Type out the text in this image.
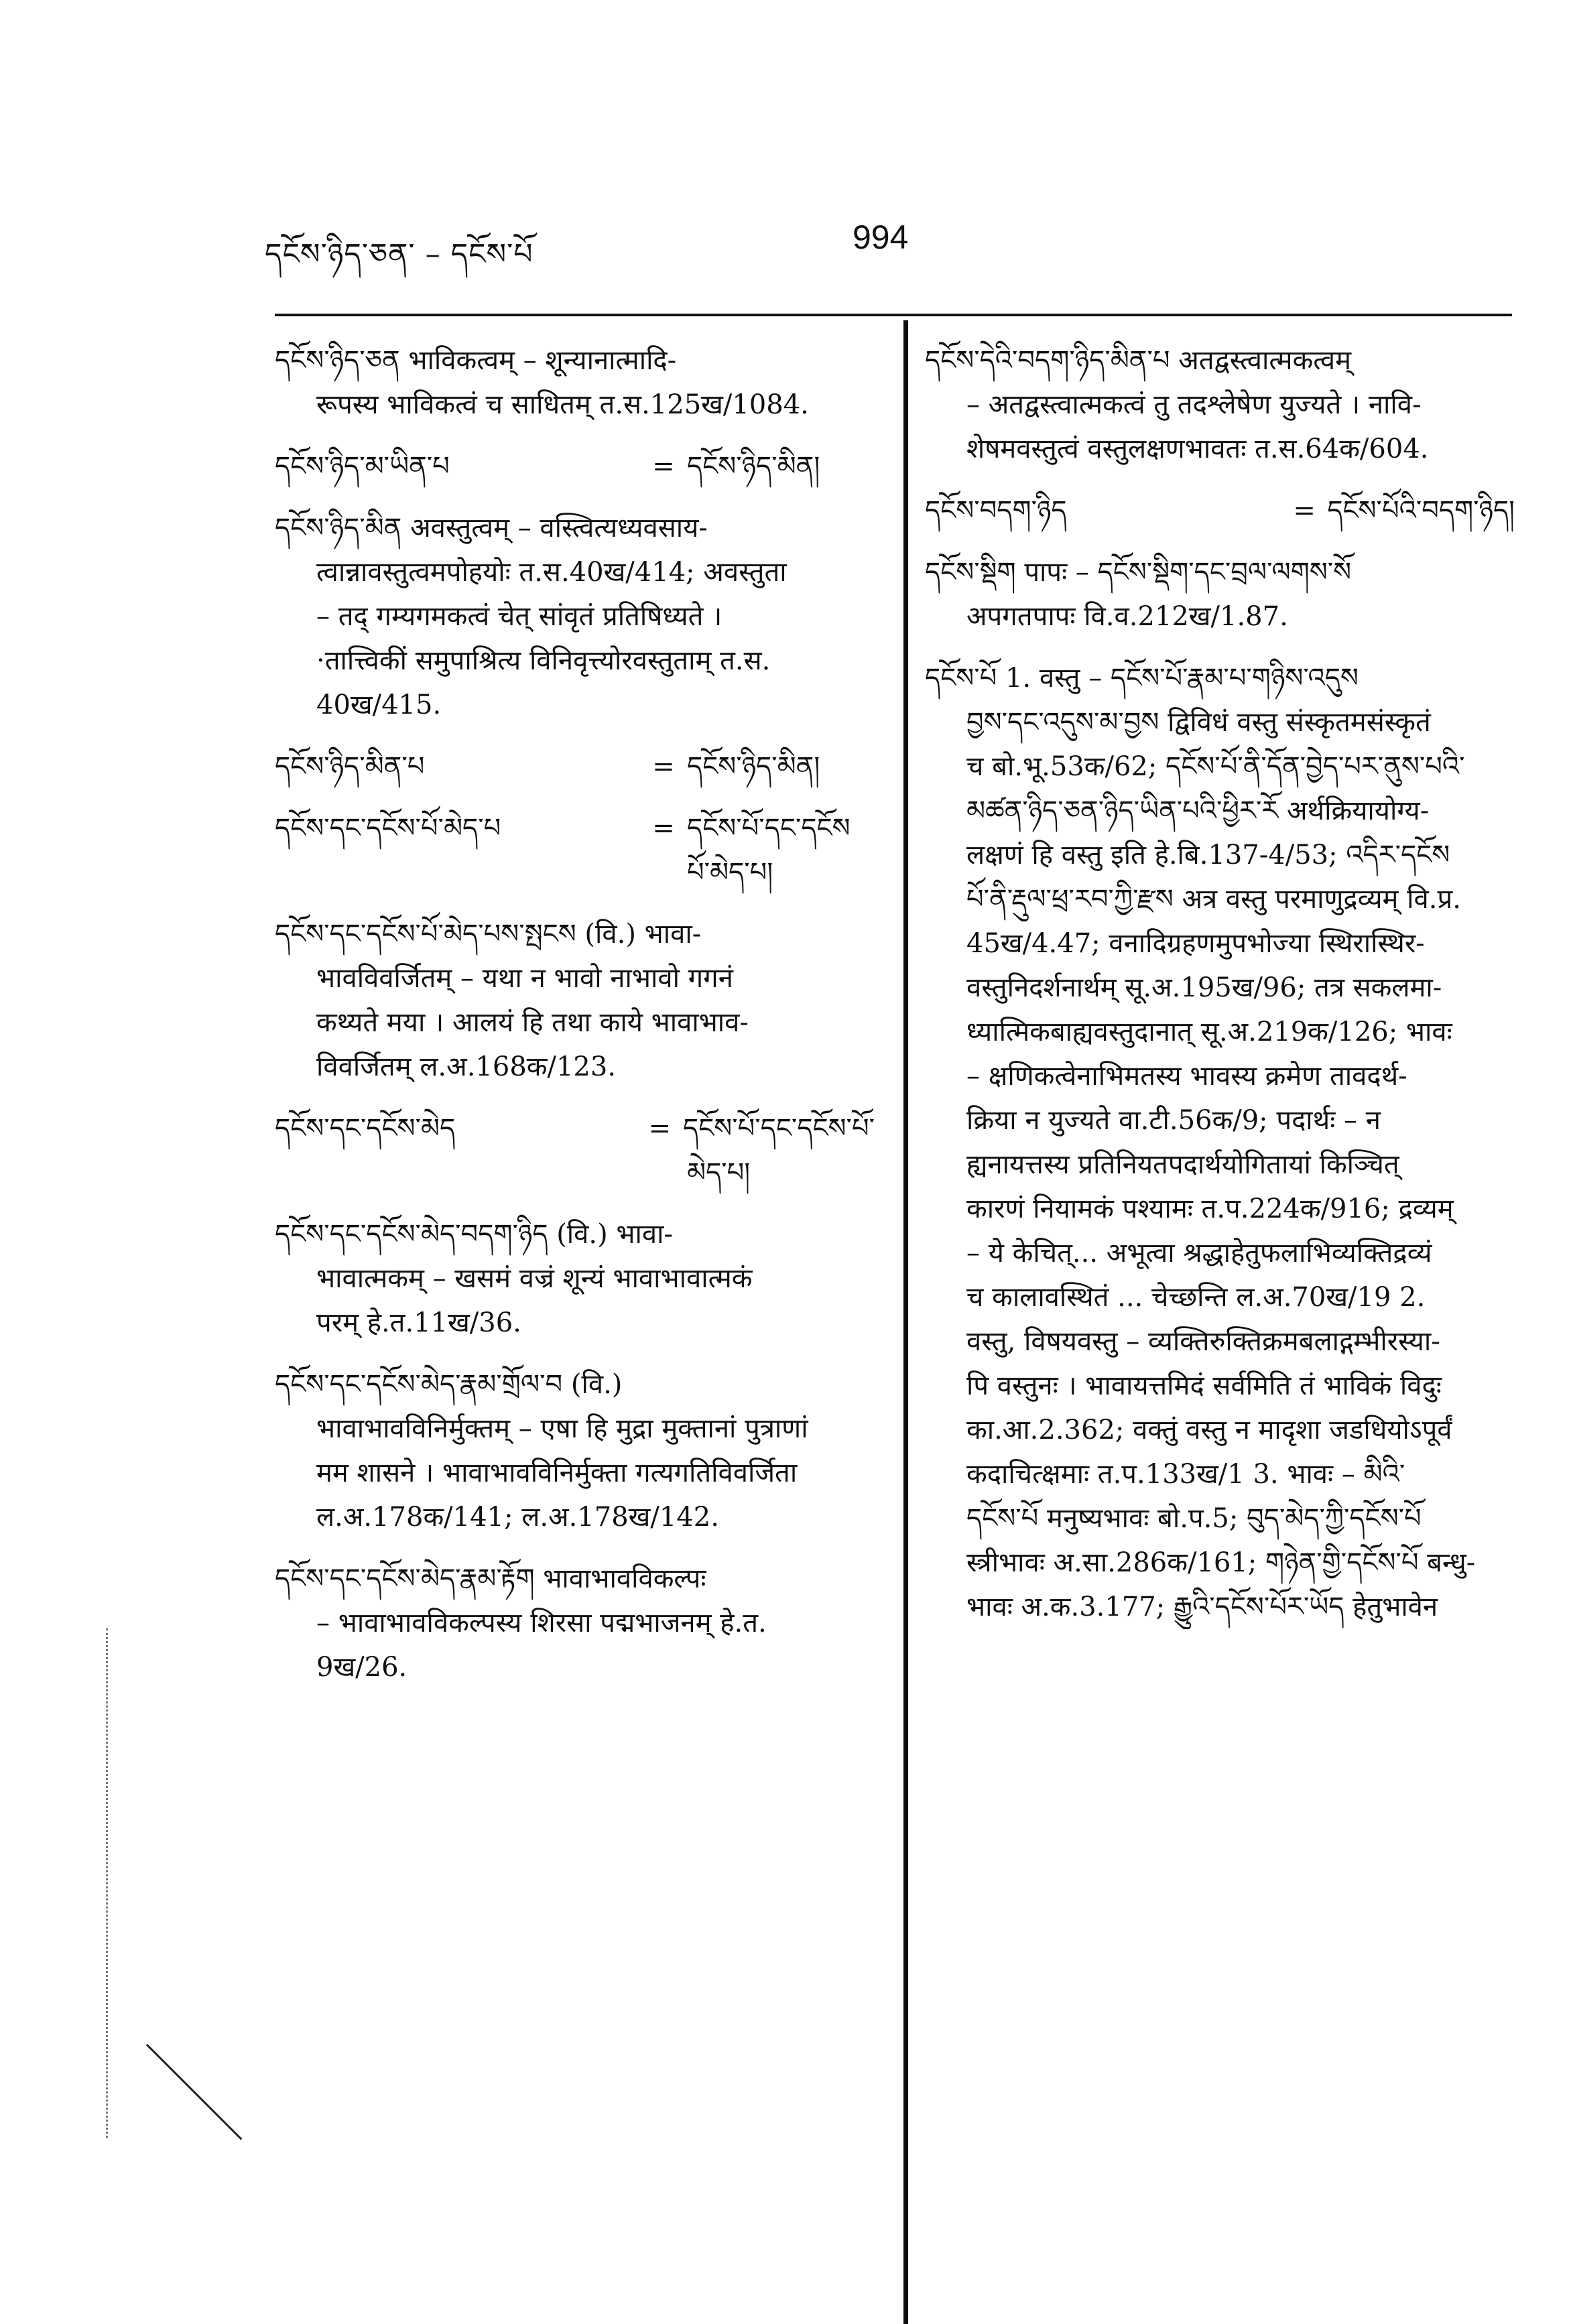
དངོས་ཉིད་ཅན་ – དངོས་པོ	994
དངོས་ཉིད་ཅན भाविकत्वम् – शून्यानात्मादि-
रूपस्य भाविकत्वं च साधितम् त.स.125ख/1084.
དངོས་ཉིད་མ་ཡིན་པ	= དངོས་ཉིད་མིན།
དངོས་ཉིད་མིན अवस्तुत्वम् – वस्त्वित्यध्यवसाय-
त्वान्नावस्तुत्वमपोहयोः त.स.40ख/414; अवस्तुता
– तद् गम्यगमकत्वं चेत् सांवृतं प्रतिषिध्यते ।
·तात्त्विकीं समुपाश्रित्य विनिवृत्त्योरवस्तुताम् त.स.
40ख/415.
དངོས་ཉིད་མིན་པ	= དངོས་ཉིད་མིན།
དངོས་དང་དངོས་པོ་མེད་པ	= དངོས་པོ་དང་དངོས
པོ་མེད་པ།
དངོས་དང་དངོས་པོ་མེད་པས་སྤངས (वि.) भावा-
भावविवर्जितम् – यथा न भावो नाभावो गगनं
कथ्यते मया । आलयं हि तथा काये भावाभाव-
विवर्जितम् ल.अ.168क/123.
དངོས་དང་དངོས་མེད	= དངོས་པོ་དང་དངོས་པོ་
མེད་པ།
དངོས་དང་དངོས་མེད་བདག་ཉིད (वि.) भावा-
भावात्मकम् – खसमं वज्रं शून्यं भावाभावात्मकं
परम् हे.त.11ख/36.
དངོས་དང་དངོས་མེད་རྣམ་གྲོལ་བ (वि.)
भावाभावविनिर्मुक्तम् – एषा हि मुद्रा मुक्तानां पुत्राणां
मम शासने । भावाभावविनिर्मुक्ता गत्यगतिविवर्जिता
ल.अ.178क/141; ल.अ.178ख/142.
དངོས་དང་དངོས་མེད་རྣམ་རྟོག भावाभावविकल्पः
– भावाभावविकल्पस्य शिरसा पद्मभाजनम् हे.त.
9ख/26.
དངོས་དེའི་བདག་ཉིད་མིན་པ अतद्वस्त्वात्मकत्वम्
– अतद्वस्त्वात्मकत्वं तु तदश्लेषेण युज्यते । नावि-
शेषमवस्तुत्वं वस्तुलक्षणभावतः त.स.64क/604.
དངོས་བདག་ཉིད	= དངོས་པོའི་བདག་ཉིད།
དངོས་སྡིག पापः – དངོས་སྡིག་དང་བྲལ་ལགས་སོ
अपगतपापः वि.व.212ख/1.87.
དངོས་པོ 1. वस्तु – དངོས་པོ་རྣམ་པ་གཉིས་འདུས
བྱས་དང་འདུས་མ་བྱས द्विविधं वस्तु संस्कृतमसंस्कृतं
च बो.भू.53क/62; དངོས་པོ་ནི་དོན་བྱེད་པར་ནུས་པའི་
མཚན་ཉིད་ཅན་ཉིད་ཡིན་པའི་ཕྱིར་རོ अर्थक्रियायोग्य-
लक्षणं हि वस्तु इति हे.बि.137-4/53; འདིར་དངོས
པོ་ནི་རྡུལ་ཕྲ་རབ་ཀྱི་རྫས अत्र वस्तु परमाणुद्रव्यम् वि.प्र.
45ख/4.47; वनादिग्रहणमुपभोज्या स्थिरास्थिर-
वस्तुनिदर्शनार्थम् सू.अ.195ख/96; तत्र सकलमा-
ध्यात्मिकबाह्यवस्तुदानात् सू.अ.219क/126; भावः
– क्षणिकत्वेनाभिमतस्य भावस्य क्रमेण तावदर्थ-
क्रिया न युज्यते वा.टी.56क/9; पदार्थः – न
ह्यनायत्तस्य प्रतिनियतपदार्थयोगितायां किञ्चित्
कारणं नियामकं पश्यामः त.प.224क/916; द्रव्यम्
– ये केचित्... अभूत्वा श्रद्धाहेतुफलाभिव्यक्तिद्रव्यं
च कालावस्थितं ... चेच्छन्ति ल.अ.70ख/19 2.
वस्तु, विषयवस्तु – व्यक्तिरुक्तिक्रमबलाद्गम्भीरस्या-
पि वस्तुनः । भावायत्तमिदं सर्वमिति तं भाविकं विदुः
का.आ.2.362; वक्तुं वस्तु न मादृशा जडधियोऽपूर्वं
कदाचित्क्षमाः त.प.133ख/1 3. भावः – མིའི་
དངོས་པོ मनुष्यभावः बो.प.5; བུད་མེད་ཀྱི་དངོས་པོ
स्त्रीभावः अ.सा.286क/161; གཉེན་གྱི་དངོས་པོ बन्धु-
भावः अ.क.3.177; རྒྱུའི་དངོས་པོར་ཡོད हेतुभावेन
